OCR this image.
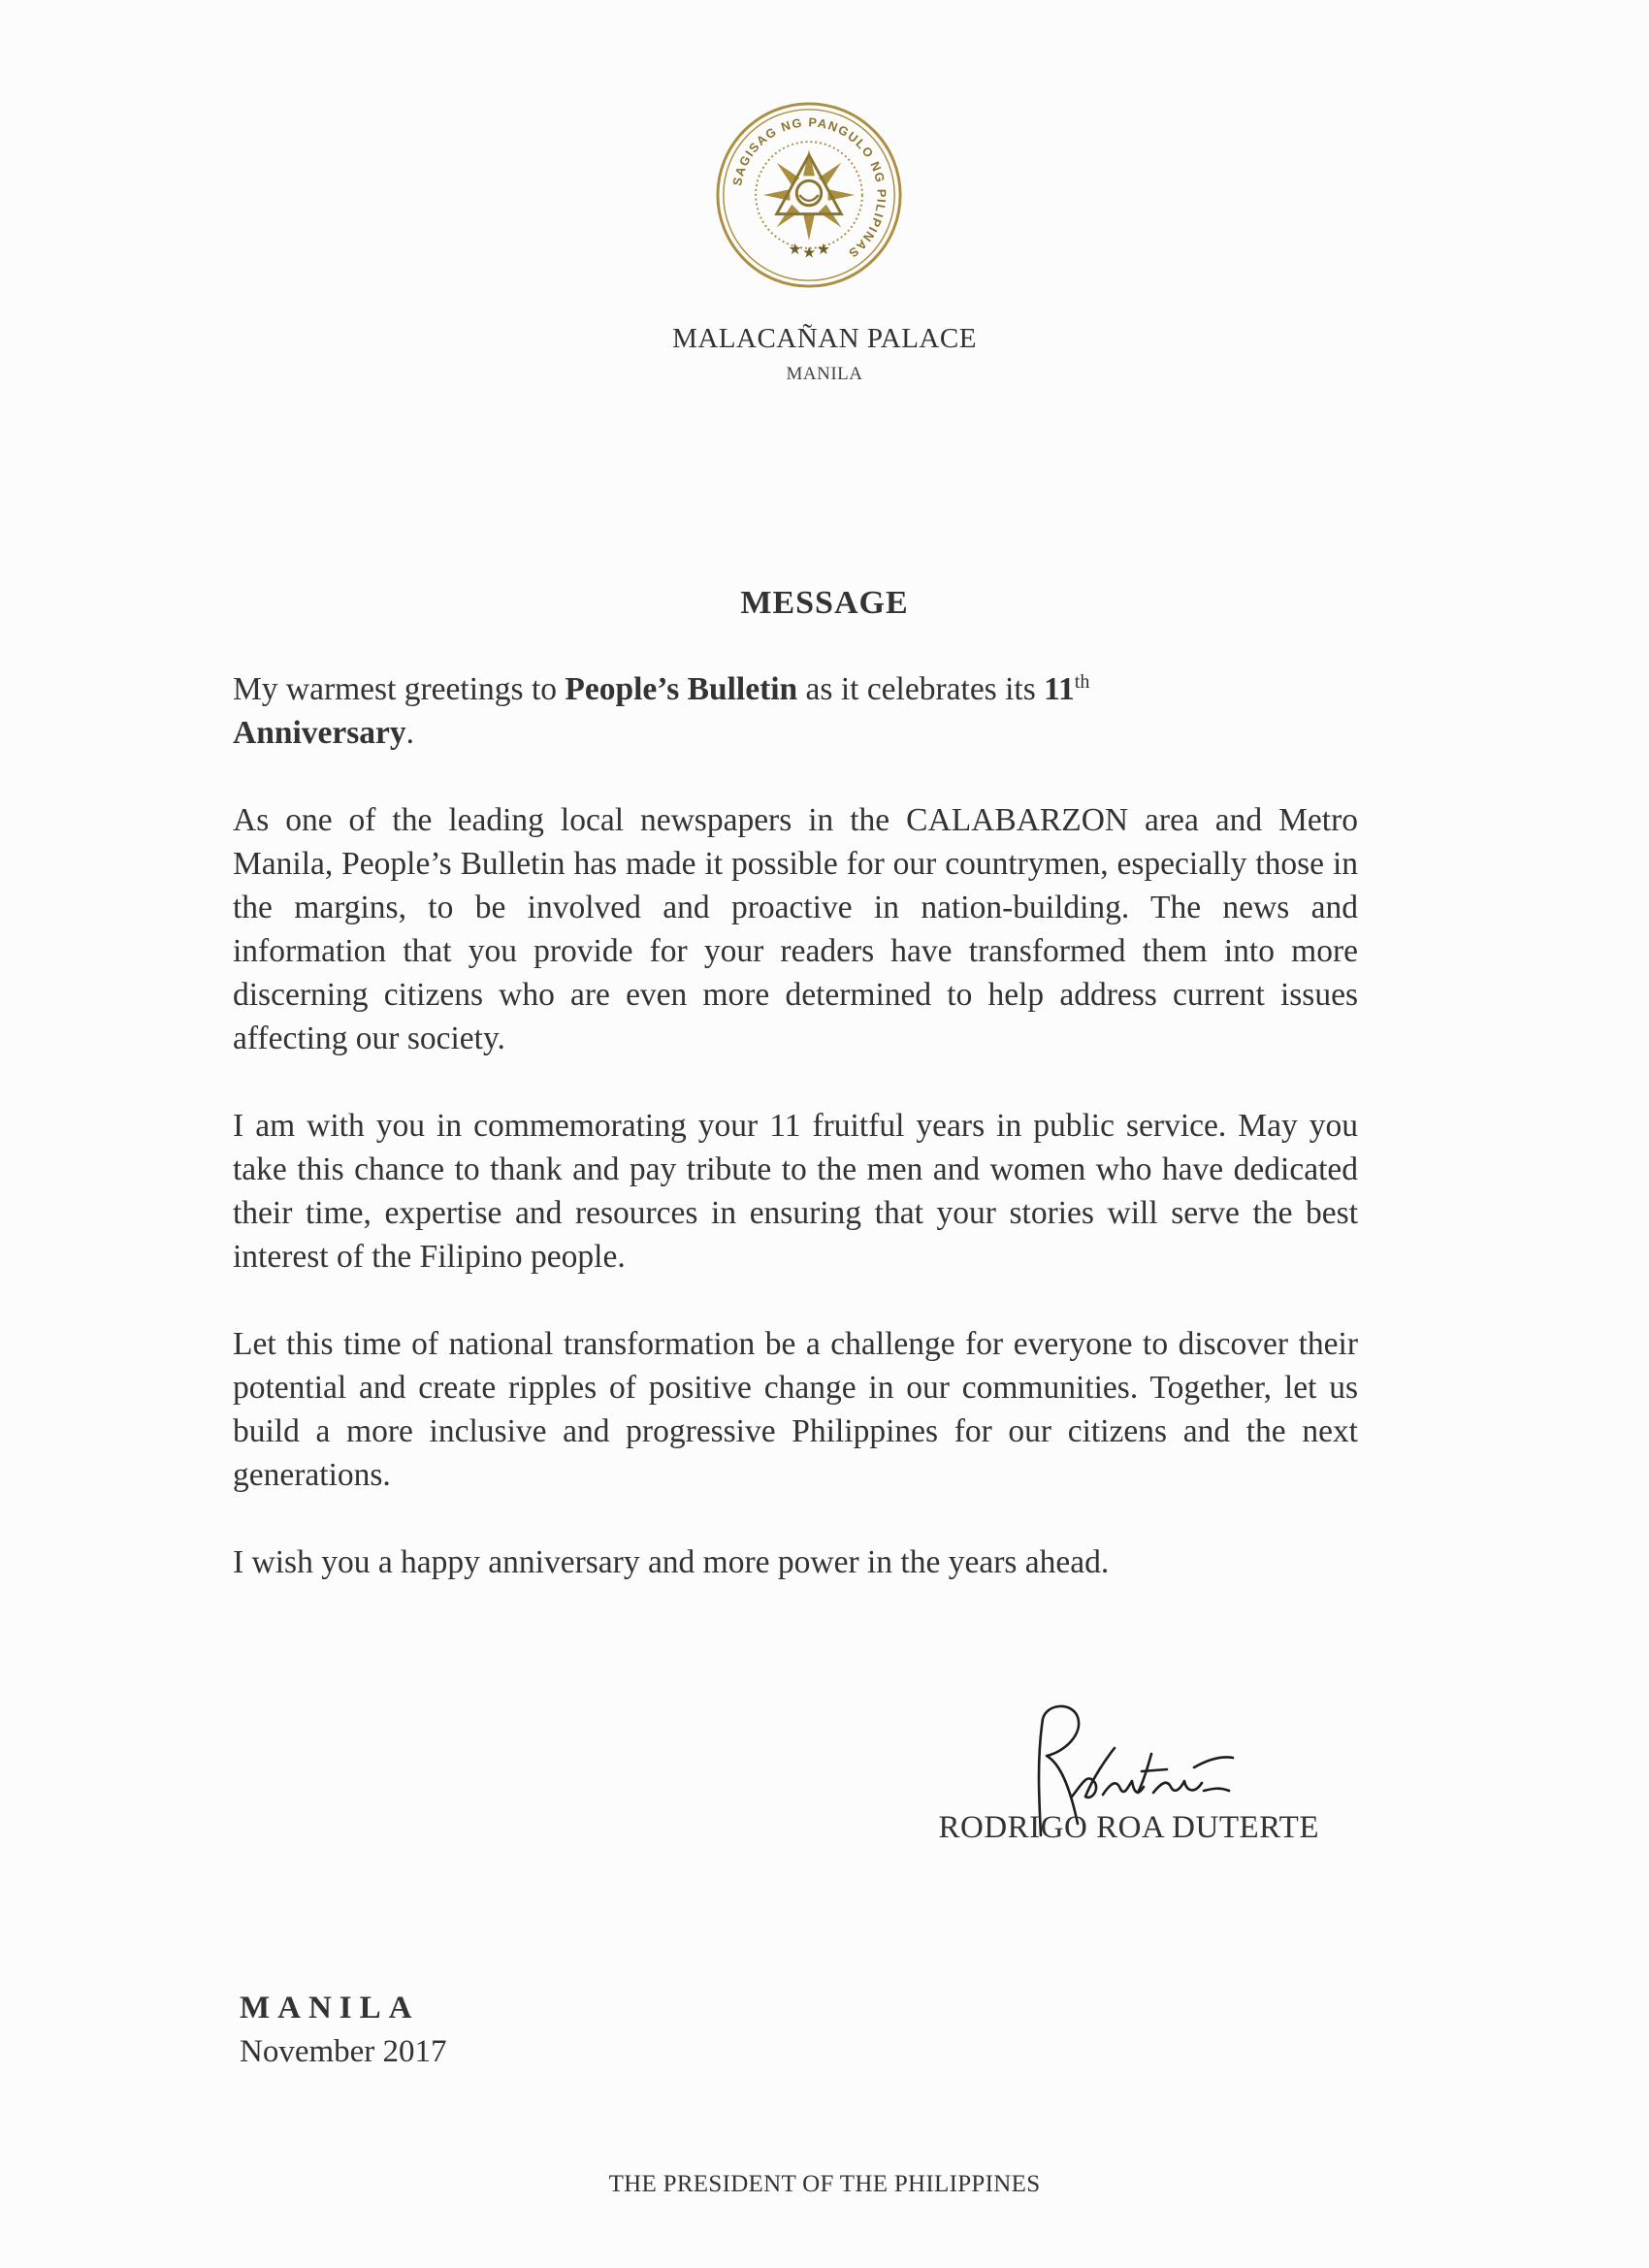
SAGISAG NG PANGULO NG PILIPINAS
★ ★ ★
MALACAÑAN PALACE
MANILA
MESSAGE

My warmest greetings to People’s Bulletin as it celebrates its 11th
Anniversary.

As one of the leading local newspapers in the CALABARZON area and Metro Manila, People’s Bulletin has made it possible for our countrymen, especially those in the margins, to be involved and proactive in nation-building. The news and information that you provide for your readers have transformed them into more discerning citizens who are even more determined to help address current issues affecting our society.

I am with you in commemorating your 11 fruitful years in public service. May you take this chance to thank and pay tribute to the men and women who have dedicated their time, expertise and resources in ensuring that your stories will serve the best interest of the Filipino people.

Let this time of national transformation be a challenge for everyone to discover their potential and create ripples of positive change in our communities. Together, let us build a more inclusive and progressive Philippines for our citizens and the next generations.

I wish you a happy anniversary and more power in the years ahead.

RODRIGO ROA DUTERTE
MANILA
November 2017
THE PRESIDENT OF THE PHILIPPINES
